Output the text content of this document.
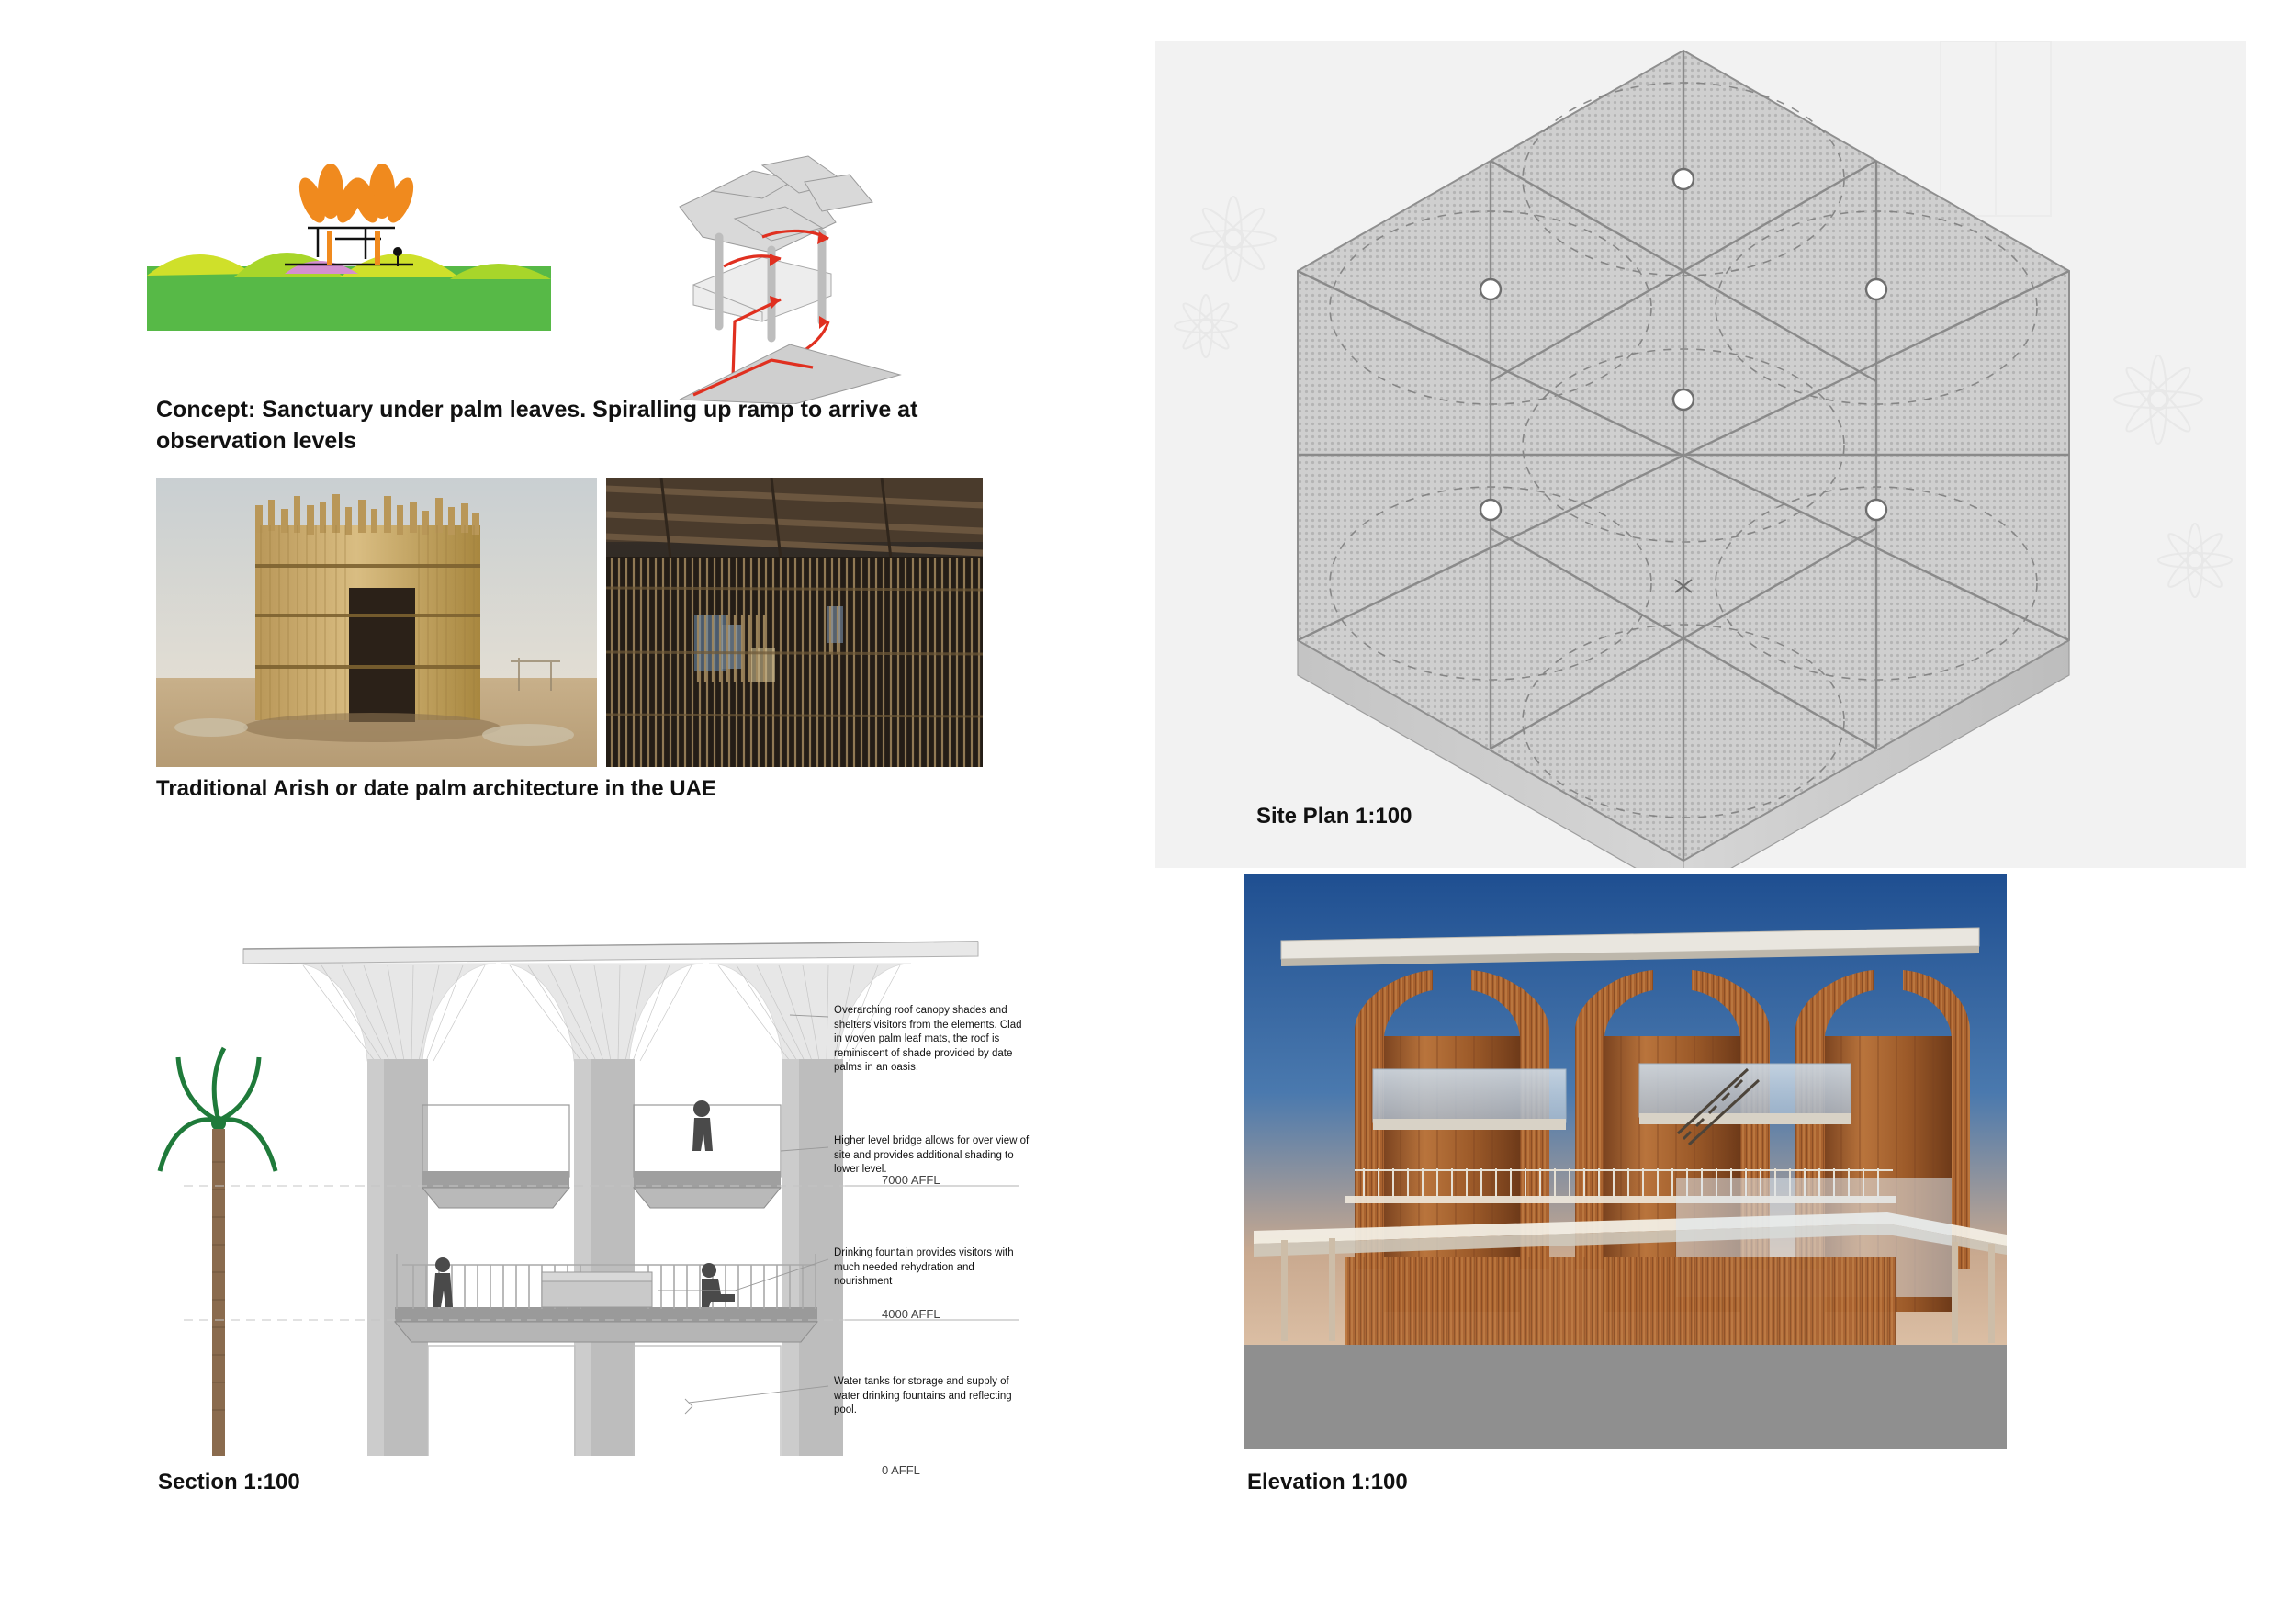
Concept: Sanctuary under palm leaves. Spiralling up ramp to arrive at observation levels
Traditional Arish or date palm architecture in the UAE
Site Plan 1:100
Overarching roof canopy shades and shelters visitors from the elements. Clad in woven palm leaf mats, the roof is reminiscent of shade provided by date palms in an oasis.
Higher level bridge allows for over view of site and provides additional shading to lower level.
Drinking fountain provides visitors with much needed rehydration and nourishment
Water tanks for storage and supply of water drinking fountains and reflecting pool.
7000 AFFL
4000 AFFL
0 AFFL
Section 1:100	Elevation 1:100
